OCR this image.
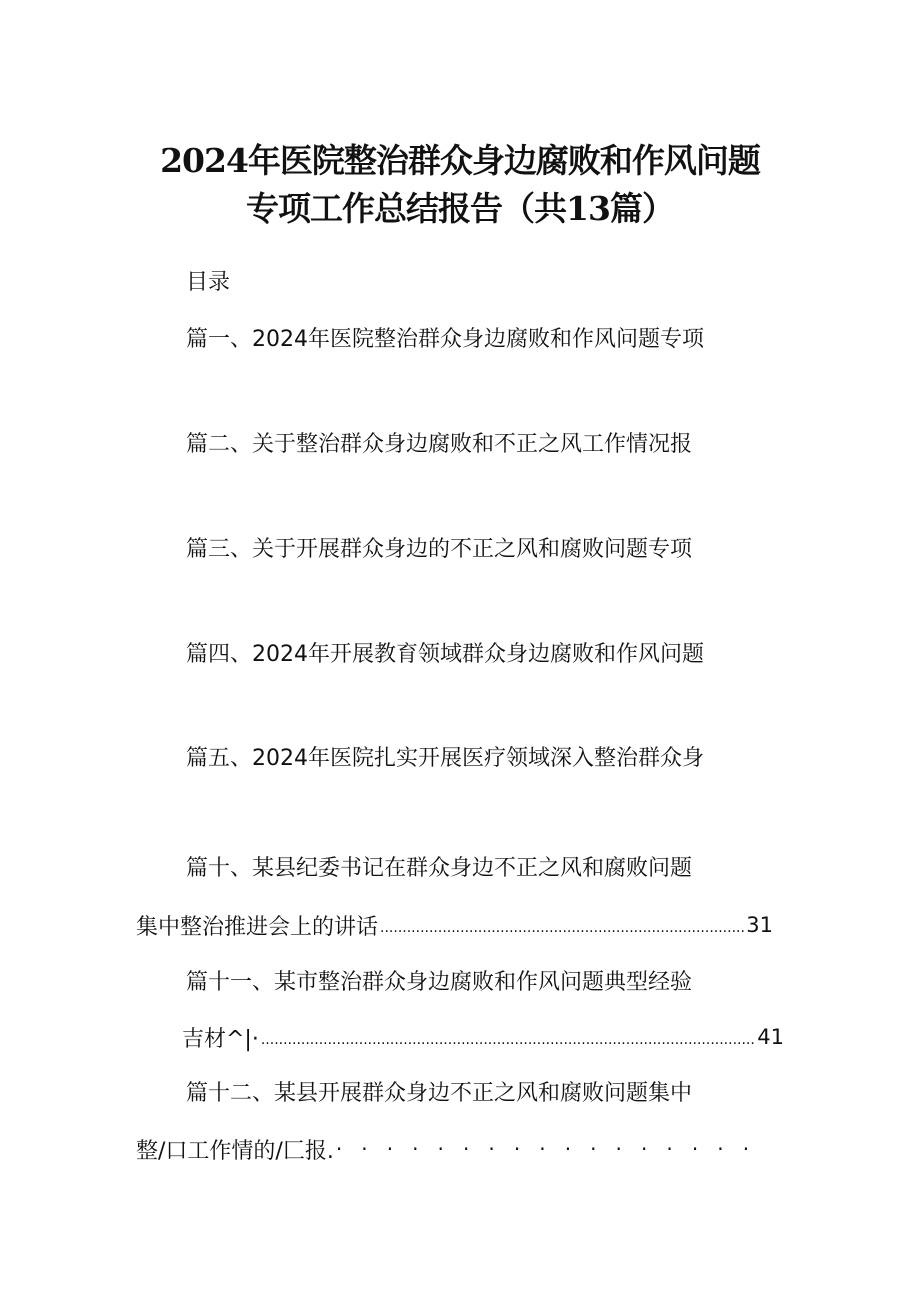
2024年医院整治群众身边腐败和作风问题
专项工作总结报告（共13篇）
目录
篇一、2024年医院整治群众身边腐败和作风问题专项
篇二、关于整治群众身边腐败和不正之风工作情况报
篇三、关于开展群众身边的不正之风和腐败问题专项
篇四、2024年开展教育领域群众身边腐败和作风问题
篇五、2024年医院扎实开展医疗领域深入整治群众身
篇十、某县纪委书记在群众身边不正之风和腐败问题
集中整治推进会上的讲话 .....	31
篇十一、某市整治群众身边腐败和作风问题典型经验
吉材^|· .....	41
篇十二、某县开展群众身边不正之风和腐败问题集中
整/口工作情的/匚报.
· ·
